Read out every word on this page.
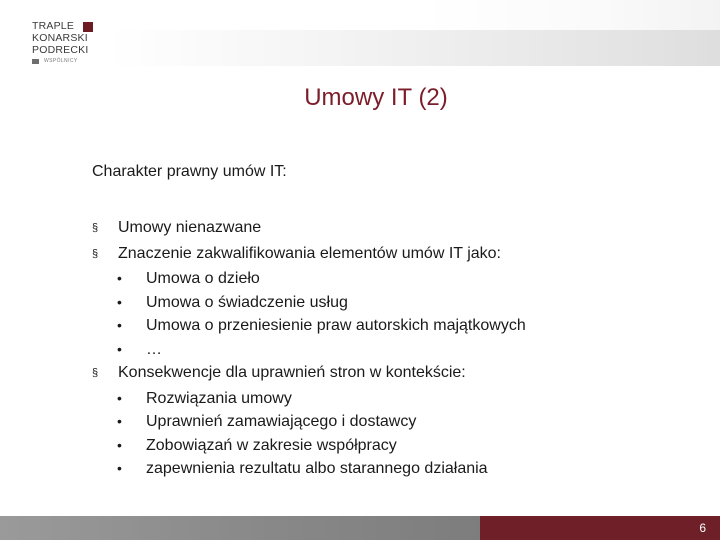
TRAPLE
KONARSKI
PODRECKI
WSPÓLNICY
Umowy IT (2)
Charakter prawny umów IT:
§	Umowy nienazwane
§	Znaczenie zakwalifikowania elementów umów IT jako:
•	Umowa o dzieło
•	Umowa o świadczenie usług
•	Umowa o przeniesienie praw autorskich majątkowych
•	…
§	Konsekwencje dla uprawnień stron w kontekście:
•	Rozwiązania umowy
•	Uprawnień zamawiającego i dostawcy
•	Zobowiązań w zakresie współpracy
•	zapewnienia rezultatu albo starannego działania
6
